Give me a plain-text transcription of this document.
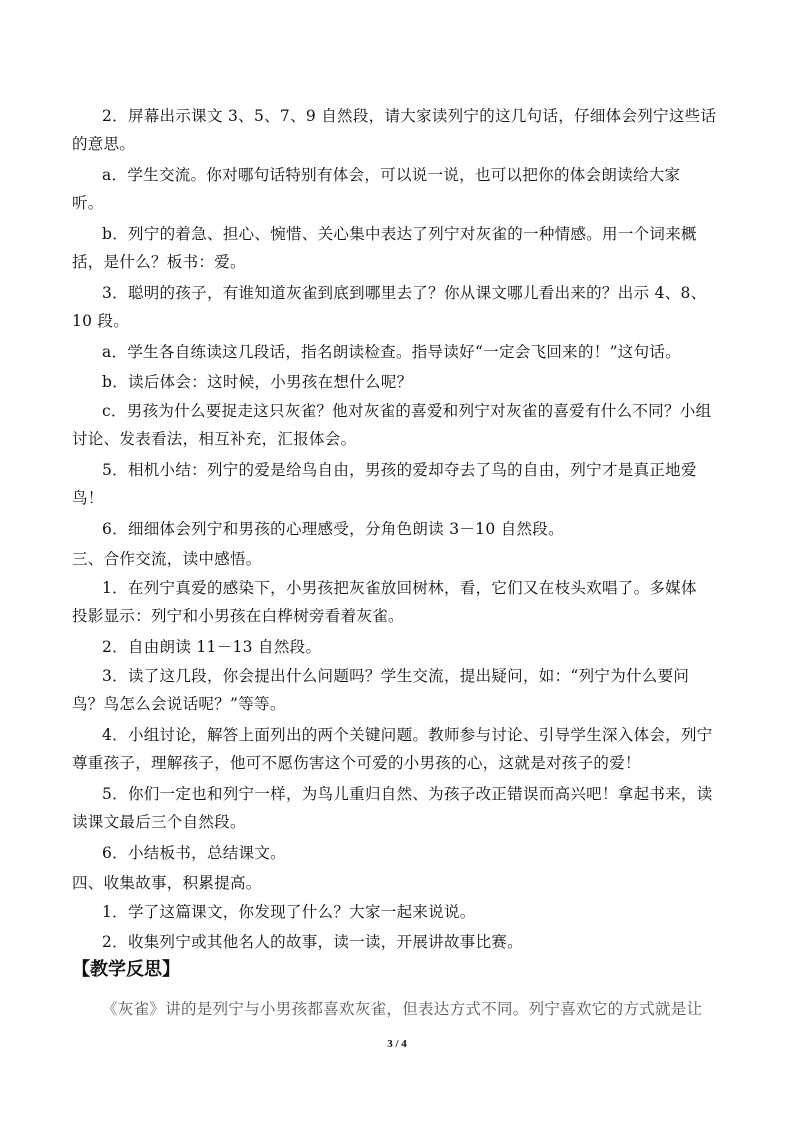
2．屏幕出示课文 3、5、7、9 自然段，请大家读列宁的这几句话，仔细体会列宁这些话
的意思。
a．学生交流。你对哪句话特别有体会，可以说一说，也可以把你的体会朗读给大家
听。
b．列宁的着急、担心、惋惜、关心集中表达了列宁对灰雀的一种情感。用一个词来概
括，是什么？板书：爱。
3．聪明的孩子，有谁知道灰雀到底到哪里去了？你从课文哪儿看出来的？出示 4、8、
10 段。
a．学生各自练读这几段话，指名朗读检查。指导读好“一定会飞回来的！”这句话。
b．读后体会：这时候，小男孩在想什么呢？
c．男孩为什么要捉走这只灰雀？他对灰雀的喜爱和列宁对灰雀的喜爱有什么不同？小组
讨论、发表看法，相互补充，汇报体会。
5．相机小结：列宁的爱是给鸟自由，男孩的爱却夺去了鸟的自由，列宁才是真正地爱
鸟！
6．细细体会列宁和男孩的心理感受，分角色朗读 3－10 自然段。
三、合作交流，读中感悟。
1．在列宁真爱的感染下，小男孩把灰雀放回树林，看，它们又在枝头欢唱了。多媒体
投影显示：列宁和小男孩在白桦树旁看着灰雀。
2．自由朗读 11－13 自然段。
3．读了这几段，你会提出什么问题吗？学生交流，提出疑问，如：“列宁为什么要问
鸟？鸟怎么会说话呢？”等等。
4．小组讨论，解答上面列出的两个关键问题。教师参与讨论、引导学生深入体会，列宁
尊重孩子，理解孩子，他可不愿伤害这个可爱的小男孩的心，这就是对孩子的爱！
5．你们一定也和列宁一样，为鸟儿重归自然、为孩子改正错误而高兴吧！拿起书来，读
读课文最后三个自然段。
6．小结板书，总结课文。
四、收集故事，积累提高。
1．学了这篇课文，你发现了什么？大家一起来说说。
2．收集列宁或其他名人的故事，读一读，开展讲故事比赛。
【教学反思】
《灰雀》讲的是列宁与小男孩都喜欢灰雀，但表达方式不同。列宁喜欢它的方式就是让
3 / 4
